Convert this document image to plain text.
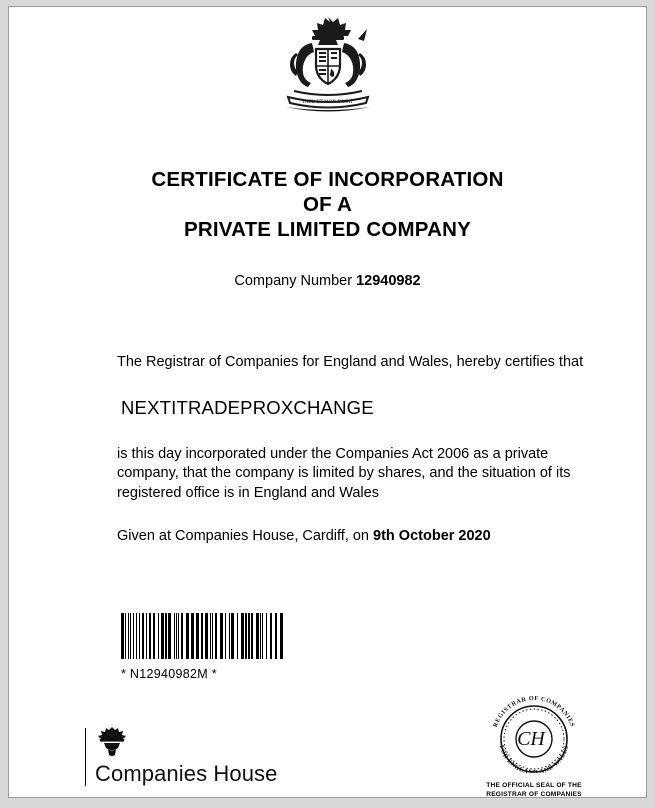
DIEU ET MON DROIT
CERTIFICATE OF INCORPORATION
OF A
PRIVATE LIMITED COMPANY
Company Number 12940982

The Registrar of Companies for England and Wales, hereby certifies that

NEXTITRADEPROXCHANGE

is this day incorporated under the Companies Act 2006 as a private company, that the company is limited by shares, and the situation of its registered office is in England and Wales

Given at Companies House, Cardiff, on 9th October 2020

* N12940982M *
Companies House
REGISTRAR OF COMPANIES
FOR ENGLAND AND WALES
CH
THE OFFICIAL SEAL OF THE
REGISTRAR OF COMPANIES
